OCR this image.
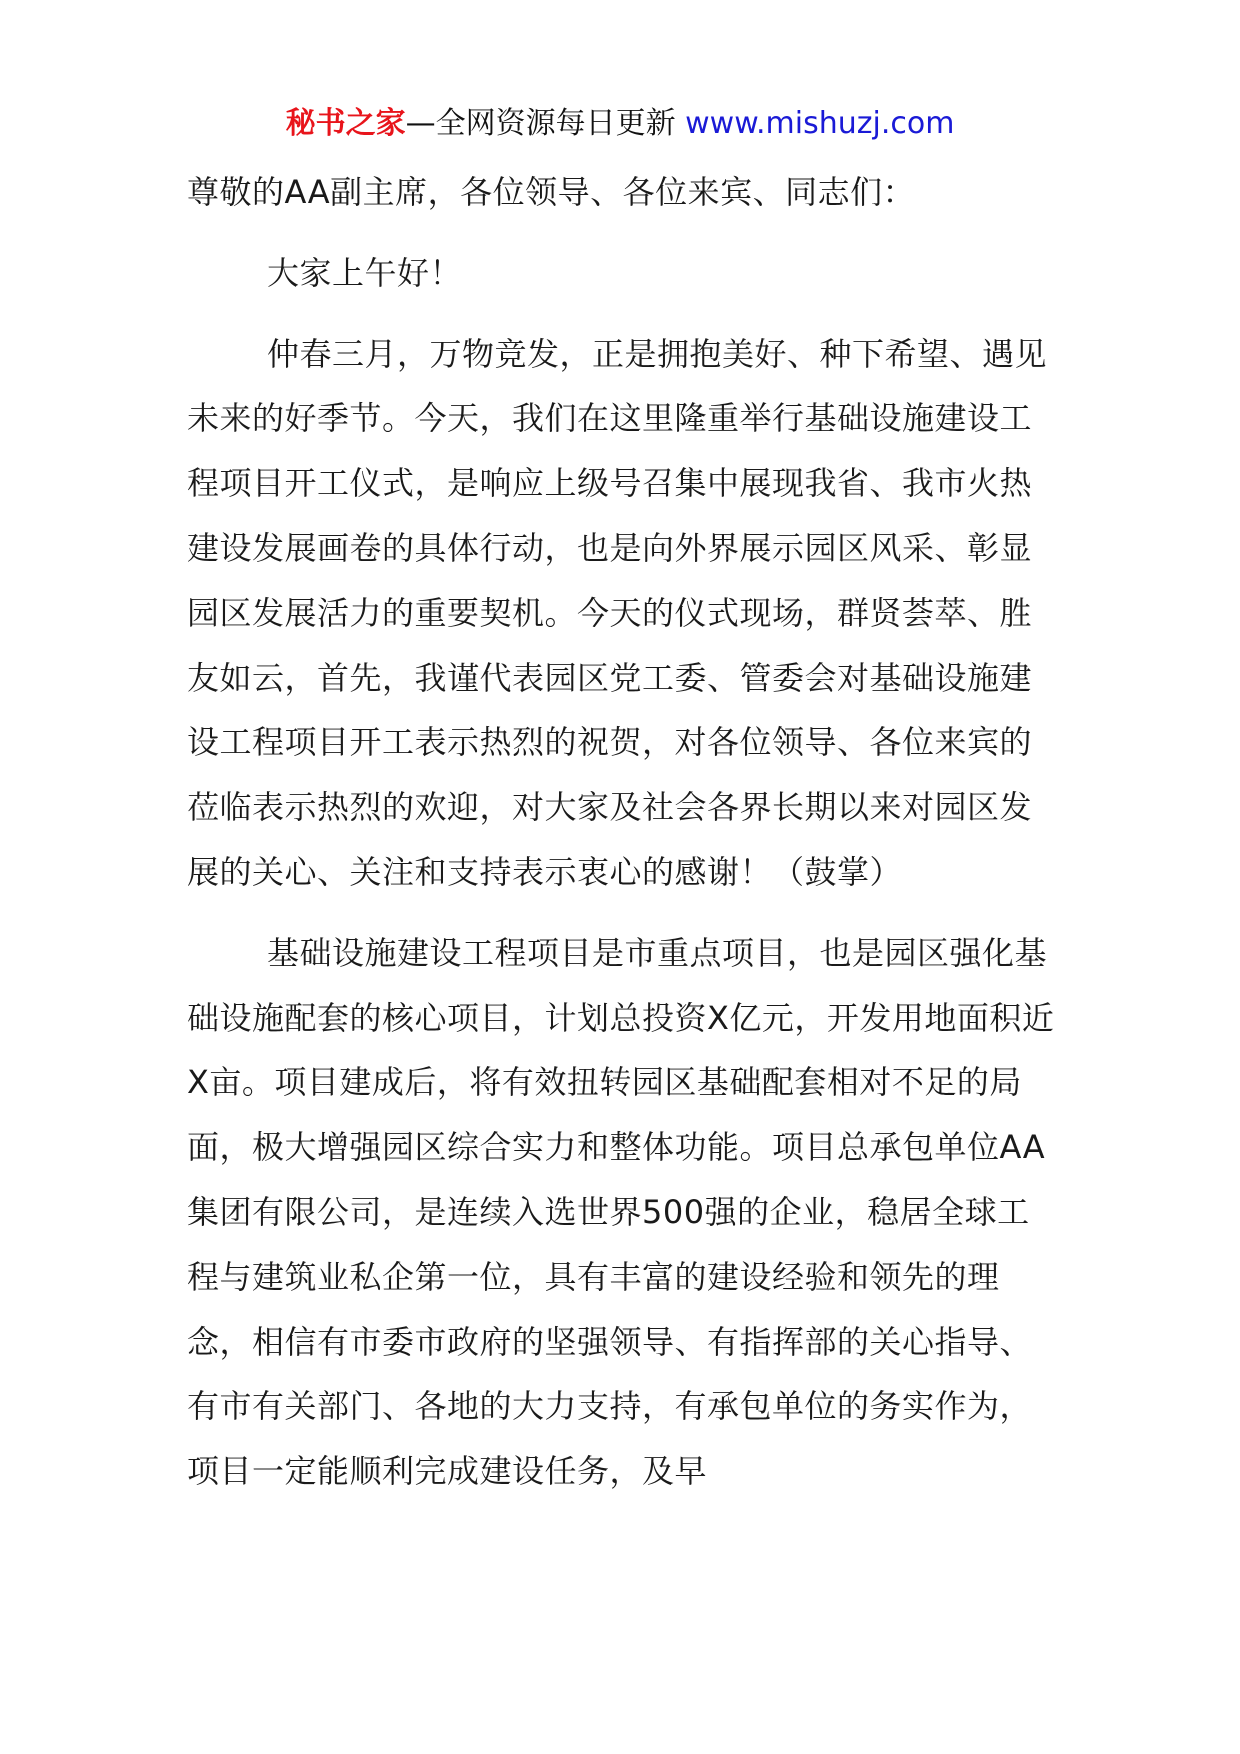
秘书之家—全网资源每日更新 www.mishuzj.com

尊敬的AA副主席，各位领导、各位来宾、同志们：

大家上午好！

仲春三月，万物竞发，正是拥抱美好、种下希望、遇见未来的好季节。今天，我们在这里隆重举行基础设施建设工程项目开工仪式，是响应上级号召集中展现我省、我市火热建设发展画卷的具体行动，也是向外界展示园区风采、彰显园区发展活力的重要契机。今天的仪式现场，群贤荟萃、胜友如云，首先，我谨代表园区党工委、管委会对基础设施建设工程项目开工表示热烈的祝贺，对各位领导、各位来宾的莅临表示热烈的欢迎，对大家及社会各界长期以来对园区发展的关心、关注和支持表示衷心的感谢！（鼓掌）

基础设施建设工程项目是市重点项目，也是园区强化基础设施配套的核心项目，计划总投资X亿元，开发用地面积近X亩。项目建成后，将有效扭转园区基础配套相对不足的局面，极大增强园区综合实力和整体功能。项目总承包单位AA集团有限公司，是连续入选世界500强的企业，稳居全球工程与建筑业私企第一位，具有丰富的建设经验和领先的理念，相信有市委市政府的坚强领导、有指挥部的关心指导、有市有关部门、各地的大力支持，有承包单位的务实作为，项目一定能顺利完成建设任务，及早
